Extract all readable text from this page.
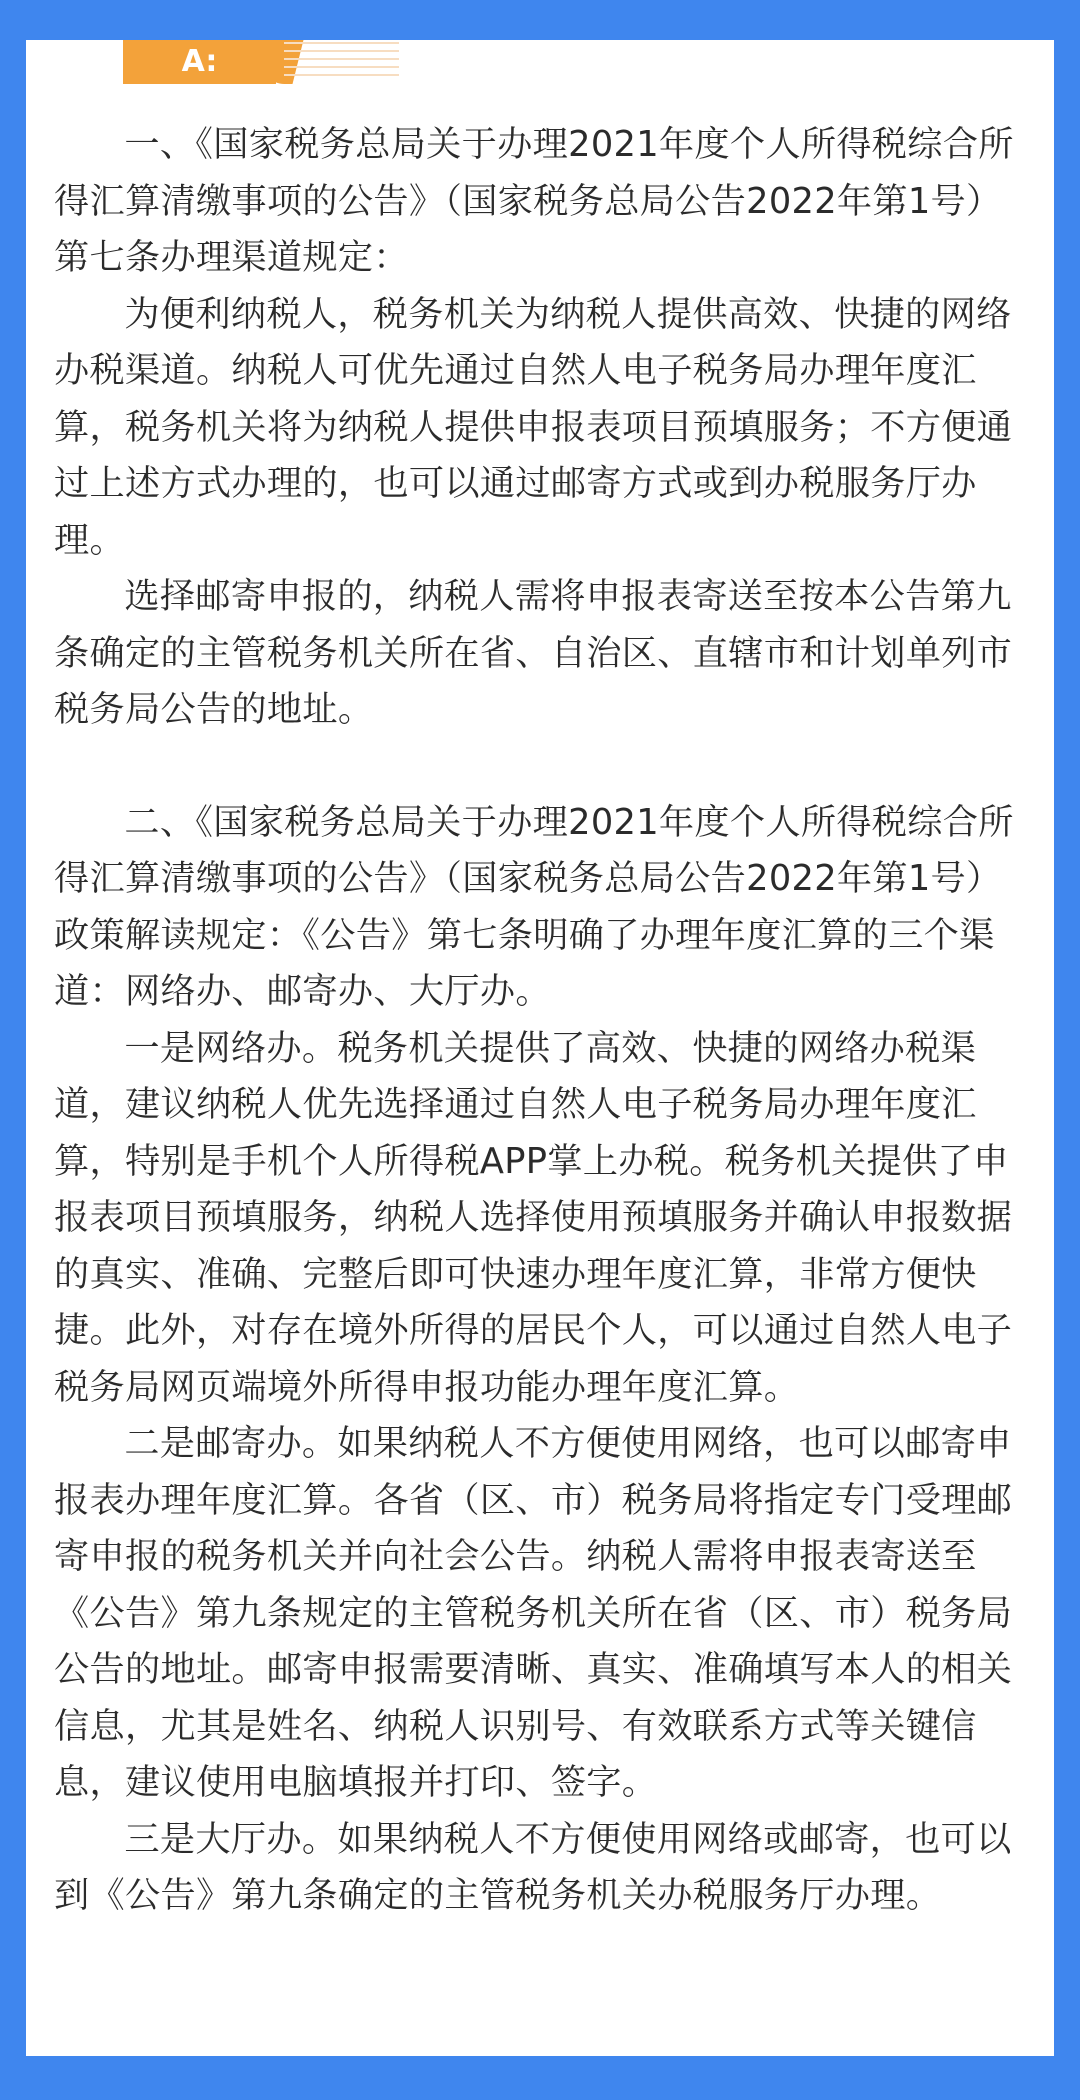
A:

一、《国家税务总局关于办理2021年度个人所得税综合所得汇算清缴事项的公告》（国家税务总局公告2022年第1号）第七条办理渠道规定：

为便利纳税人，税务机关为纳税人提供高效、快捷的网络办税渠道。纳税人可优先通过自然人电子税务局办理年度汇算，税务机关将为纳税人提供申报表项目预填服务；不方便通过上述方式办理的，也可以通过邮寄方式或到办税服务厅办理。

选择邮寄申报的，纳税人需将申报表寄送至按本公告第九条确定的主管税务机关所在省、自治区、直辖市和计划单列市税务局公告的地址。

二、《国家税务总局关于办理2021年度个人所得税综合所得汇算清缴事项的公告》（国家税务总局公告2022年第1号）政策解读规定：《公告》第七条明确了办理年度汇算的三个渠道：网络办、邮寄办、大厅办。

一是网络办。税务机关提供了高效、快捷的网络办税渠道，建议纳税人优先选择通过自然人电子税务局办理年度汇算，特别是手机个人所得税APP掌上办税。税务机关提供了申报表项目预填服务，纳税人选择使用预填服务并确认申报数据的真实、准确、完整后即可快速办理年度汇算，非常方便快捷。此外，对存在境外所得的居民个人，可以通过自然人电子税务局网页端境外所得申报功能办理年度汇算。

二是邮寄办。如果纳税人不方便使用网络，也可以邮寄申报表办理年度汇算。各省（区、市）税务局将指定专门受理邮寄申报的税务机关并向社会公告。纳税人需将申报表寄送至《公告》第九条规定的主管税务机关所在省（区、市）税务局公告的地址。邮寄申报需要清晰、真实、准确填写本人的相关信息，尤其是姓名、纳税人识别号、有效联系方式等关键信息，建议使用电脑填报并打印、签字。

三是大厅办。如果纳税人不方便使用网络或邮寄，也可以到《公告》第九条确定的主管税务机关办税服务厅办理。
